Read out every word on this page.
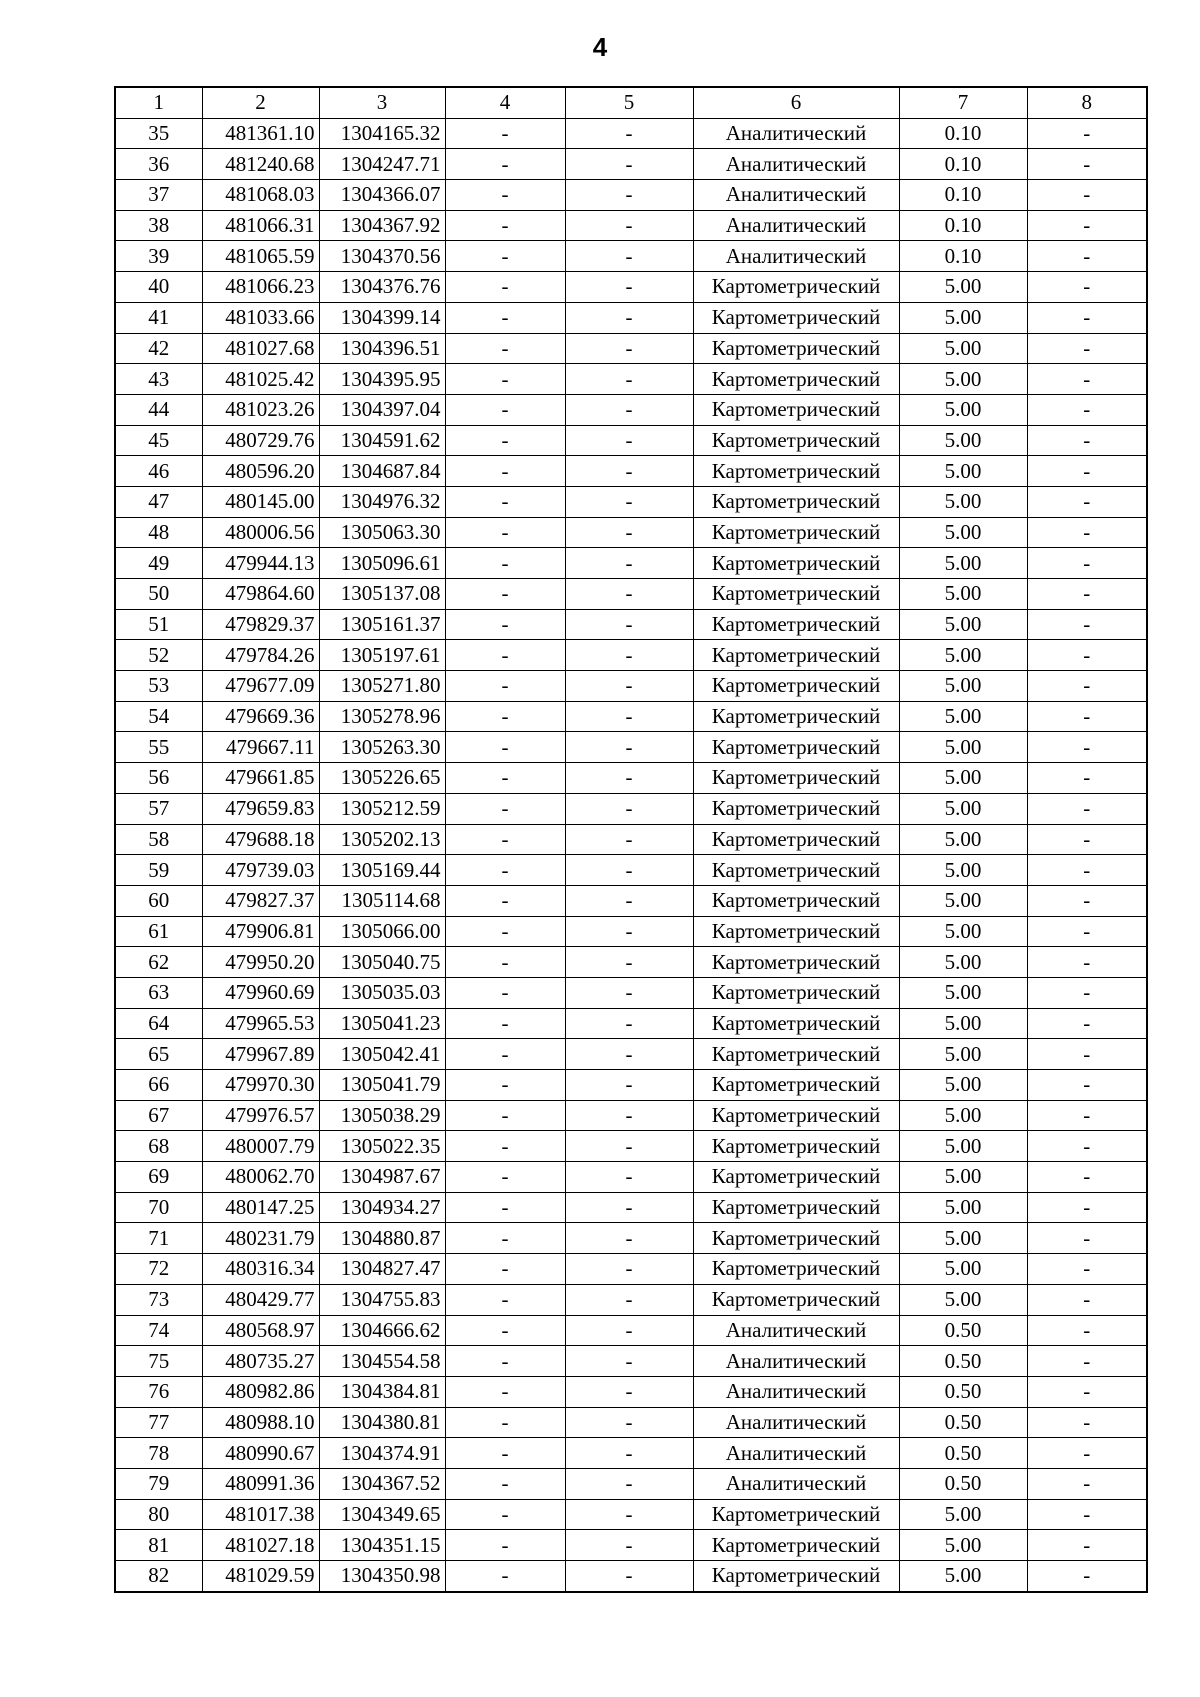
4
1	2	3	4	5	6	7	8
35	481361.10	1304165.32	-	-	Аналитический	0.10	-
36	481240.68	1304247.71	-	-	Аналитический	0.10	-
37	481068.03	1304366.07	-	-	Аналитический	0.10	-
38	481066.31	1304367.92	-	-	Аналитический	0.10	-
39	481065.59	1304370.56	-	-	Аналитический	0.10	-
40	481066.23	1304376.76	-	-	Картометрический	5.00	-
41	481033.66	1304399.14	-	-	Картометрический	5.00	-
42	481027.68	1304396.51	-	-	Картометрический	5.00	-
43	481025.42	1304395.95	-	-	Картометрический	5.00	-
44	481023.26	1304397.04	-	-	Картометрический	5.00	-
45	480729.76	1304591.62	-	-	Картометрический	5.00	-
46	480596.20	1304687.84	-	-	Картометрический	5.00	-
47	480145.00	1304976.32	-	-	Картометрический	5.00	-
48	480006.56	1305063.30	-	-	Картометрический	5.00	-
49	479944.13	1305096.61	-	-	Картометрический	5.00	-
50	479864.60	1305137.08	-	-	Картометрический	5.00	-
51	479829.37	1305161.37	-	-	Картометрический	5.00	-
52	479784.26	1305197.61	-	-	Картометрический	5.00	-
53	479677.09	1305271.80	-	-	Картометрический	5.00	-
54	479669.36	1305278.96	-	-	Картометрический	5.00	-
55	479667.11	1305263.30	-	-	Картометрический	5.00	-
56	479661.85	1305226.65	-	-	Картометрический	5.00	-
57	479659.83	1305212.59	-	-	Картометрический	5.00	-
58	479688.18	1305202.13	-	-	Картометрический	5.00	-
59	479739.03	1305169.44	-	-	Картометрический	5.00	-
60	479827.37	1305114.68	-	-	Картометрический	5.00	-
61	479906.81	1305066.00	-	-	Картометрический	5.00	-
62	479950.20	1305040.75	-	-	Картометрический	5.00	-
63	479960.69	1305035.03	-	-	Картометрический	5.00	-
64	479965.53	1305041.23	-	-	Картометрический	5.00	-
65	479967.89	1305042.41	-	-	Картометрический	5.00	-
66	479970.30	1305041.79	-	-	Картометрический	5.00	-
67	479976.57	1305038.29	-	-	Картометрический	5.00	-
68	480007.79	1305022.35	-	-	Картометрический	5.00	-
69	480062.70	1304987.67	-	-	Картометрический	5.00	-
70	480147.25	1304934.27	-	-	Картометрический	5.00	-
71	480231.79	1304880.87	-	-	Картометрический	5.00	-
72	480316.34	1304827.47	-	-	Картометрический	5.00	-
73	480429.77	1304755.83	-	-	Картометрический	5.00	-
74	480568.97	1304666.62	-	-	Аналитический	0.50	-
75	480735.27	1304554.58	-	-	Аналитический	0.50	-
76	480982.86	1304384.81	-	-	Аналитический	0.50	-
77	480988.10	1304380.81	-	-	Аналитический	0.50	-
78	480990.67	1304374.91	-	-	Аналитический	0.50	-
79	480991.36	1304367.52	-	-	Аналитический	0.50	-
80	481017.38	1304349.65	-	-	Картометрический	5.00	-
81	481027.18	1304351.15	-	-	Картометрический	5.00	-
82	481029.59	1304350.98	-	-	Картометрический	5.00	-
